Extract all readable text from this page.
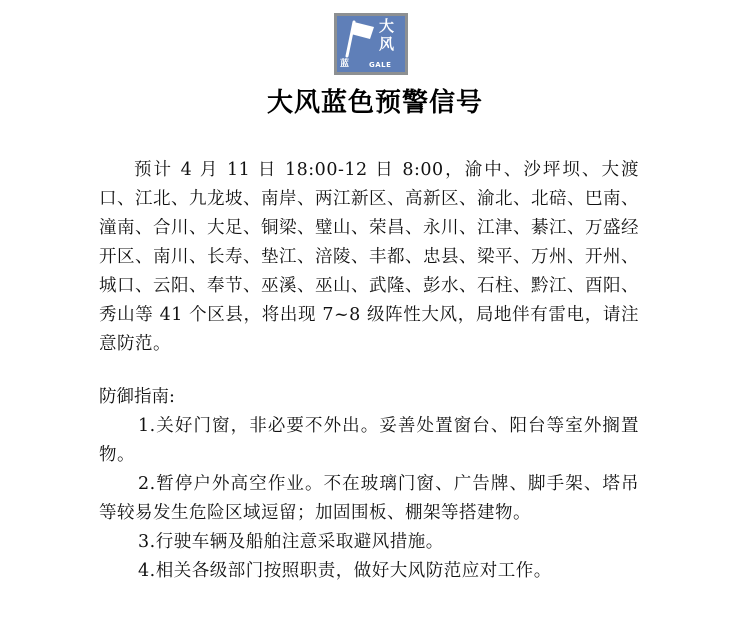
大
风
蓝	GALE
大风蓝色预警信号

预计 4 月 11 日 18:00-12 日 8:00，渝中、沙坪坝、大渡口、江北、九龙坡、南岸、两江新区、高新区、渝北、北碚、巴南、潼南、合川、大足、铜梁、璧山、荣昌、永川、江津、綦江、万盛经开区、南川、长寿、垫江、涪陵、丰都、忠县、梁平、万州、开州、城口、云阳、奉节、巫溪、巫山、武隆、彭水、石柱、黔江、酉阳、秀山等 41 个区县，将出现 7~8 级阵性大风，局地伴有雷电，请注意防范。

防御指南:

1.关好门窗，非必要不外出。妥善处置窗台、阳台等室外搁置物。
2.暂停户外高空作业。不在玻璃门窗、广告牌、脚手架、塔吊等较易发生危险区域逗留；加固围板、棚架等搭建物。
3.行驶车辆及船舶注意采取避风措施。
4.相关各级部门按照职责，做好大风防范应对工作。
